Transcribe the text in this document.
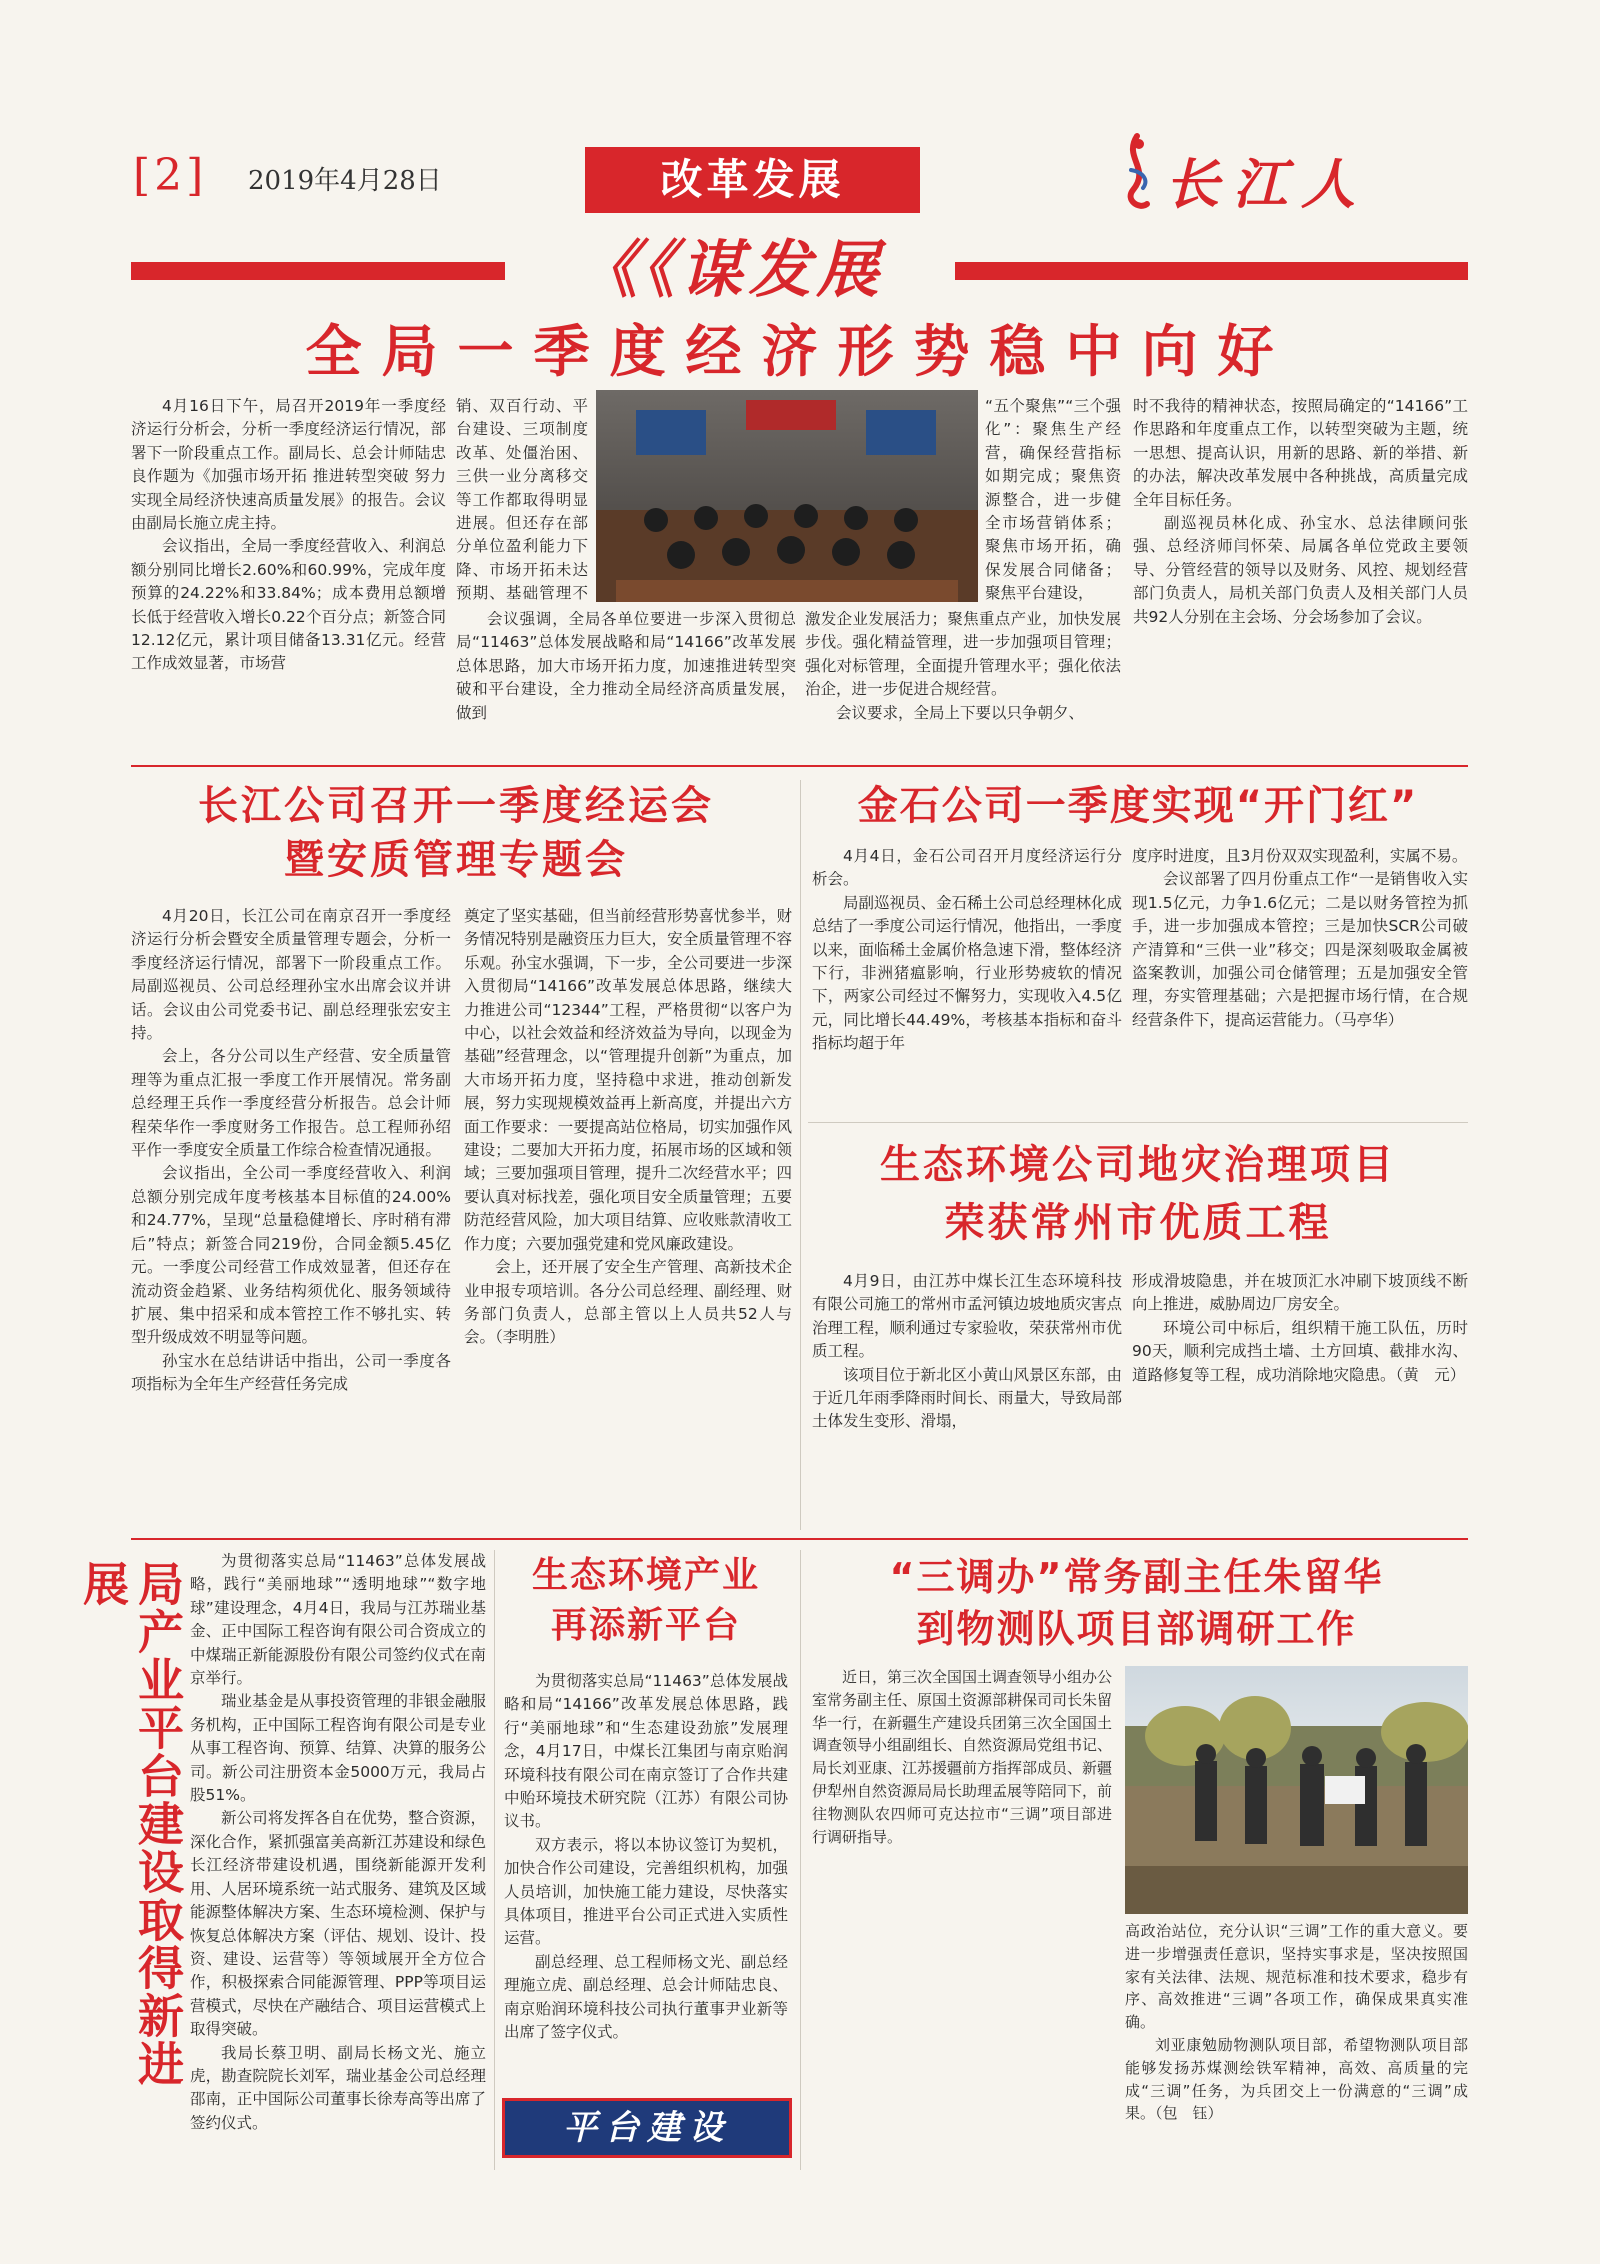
[2] 2019年4月28日	改革发展	长江人
《《谋发展
全局一季度经济形势稳中向好

4月16日下午，局召开2019年一季度经济运行分析会，分析一季度经济运行情况，部署下一阶段重点工作。副局长、总会计师陆忠良作题为《加强市场开拓 推进转型突破 努力实现全局经济快速高质量发展》的报告。会议由副局长施立虎主持。

会议指出，全局一季度经营收入、利润总额分别同比增长2.60%和60.99%，完成年度预算的24.22%和33.84%；成本费用总额增长低于经营收入增长0.22个百分点；新签合同12.12亿元，累计项目储备13.31亿元。经营工作成效显著，市场营

销、双百行动、平台建设、三项制度改革、处僵治困、三供一业分离移交等工作都取得明显进展。但还存在部分单位盈利能力下降、市场开拓未达预期、基础管理不

会议强调，全局各单位要进一步深入贯彻总局“11463”总体发展战略和局“14166”改革发展总体思路，加大市场开拓力度，加速推进转型突破和平台建设，全力推动全局经济高质量发展，做到

“五个聚焦”“三个强化”：聚焦生产经营，确保经营指标如期完成；聚焦资源整合，进一步健全市场营销体系；聚焦市场开拓，确保发展合同储备；聚焦平台建设，

激发企业发展活力；聚焦重点产业，加快发展步伐。强化精益管理，进一步加强项目管理；强化对标管理，全面提升管理水平；强化依法治企，进一步促进合规经营。

会议要求，全局上下要以只争朝夕、

时不我待的精神状态，按照局确定的“14166”工作思路和年度重点工作，以转型突破为主题，统一思想、提高认识，用新的思路、新的举措、新的办法，解决改革发展中各种挑战，高质量完成全年目标任务。

副巡视员林化成、孙宝水、总法律顾问张强、总经济师闫怀荣、局属各单位党政主要领导、分管经营的领导以及财务、风控、规划经营部门负责人，局机关部门负责人及相关部门人员共92人分别在主会场、分会场参加了会议。

长江公司召开一季度经运会
暨安质管理专题会

4月20日，长江公司在南京召开一季度经济运行分析会暨安全质量管理专题会，分析一季度经济运行情况，部署下一阶段重点工作。局副巡视员、公司总经理孙宝水出席会议并讲话。会议由公司党委书记、副总经理张宏安主持。

会上，各分公司以生产经营、安全质量管理等为重点汇报一季度工作开展情况。常务副总经理王兵作一季度经营分析报告。总会计师程荣华作一季度财务工作报告。总工程师孙绍平作一季度安全质量工作综合检查情况通报。

会议指出，全公司一季度经营收入、利润总额分别完成年度考核基本目标值的24.00%和24.77%，呈现“总量稳健增长、序时稍有滞后”特点；新签合同219份，合同金额5.45亿元。一季度公司经营工作成效显著，但还存在流动资金趋紧、业务结构须优化、服务领域待扩展、集中招采和成本管控工作不够扎实、转型升级成效不明显等问题。

孙宝水在总结讲话中指出，公司一季度各项指标为全年生产经营任务完成

奠定了坚实基础，但当前经营形势喜忧参半，财务情况特别是融资压力巨大，安全质量管理不容乐观。孙宝水强调，下一步，全公司要进一步深入贯彻局“14166”改革发展总体思路，继续大力推进公司“12344”工程，严格贯彻“以客户为中心，以社会效益和经济效益为导向，以现金为基础”经营理念，以“管理提升创新”为重点，加大市场开拓力度，坚持稳中求进，推动创新发展，努力实现规模效益再上新高度，并提出六方面工作要求：一要提高站位格局，切实加强作风建设；二要加大开拓力度，拓展市场的区域和领域；三要加强项目管理，提升二次经营水平；四要认真对标找差，强化项目安全质量管理；五要防范经营风险，加大项目结算、应收账款清收工作力度；六要加强党建和党风廉政建设。

会上，还开展了安全生产管理、高新技术企业申报专项培训。各分公司总经理、副经理、财务部门负责人，总部主管以上人员共52人与会。（李明胜）

金石公司一季度实现“开门红”

4月4日，金石公司召开月度经济运行分析会。

局副巡视员、金石稀土公司总经理林化成总结了一季度公司运行情况，他指出，一季度以来，面临稀土金属价格急速下滑，整体经济下行，非洲猪瘟影响，行业形势疲软的情况下，两家公司经过不懈努力，实现收入4.5亿元，同比增长44.49%，考核基本指标和奋斗指标均超于年

度序时进度，且3月份双双实现盈利，实属不易。

会议部署了四月份重点工作“一是销售收入实现1.5亿元，力争1.6亿元；二是以财务管控为抓手，进一步加强成本管控；三是加快SCR公司破产清算和“三供一业”移交；四是深刻吸取金属被盗案教训，加强公司仓储管理；五是加强安全管理，夯实管理基础；六是把握市场行情，在合规经营条件下，提高运营能力。（马亭华）

生态环境公司地灾治理项目
荣获常州市优质工程

4月9日，由江苏中煤长江生态环境科技有限公司施工的常州市孟河镇边坡地质灾害点治理工程，顺利通过专家验收，荣获常州市优质工程。

该项目位于新北区小黄山风景区东部，由于近几年雨季降雨时间长、雨量大，导致局部土体发生变形、滑塌，

形成滑坡隐患，并在坡顶汇水冲刷下坡顶线不断向上推进，威胁周边厂房安全。

环境公司中标后，组织精干施工队伍，历时90天，顺利完成挡土墙、土方回填、截排水沟、道路修复等工程，成功消除地灾隐患。（黄　元）

局产业平台建设取得新进展	为贯彻落实总局“11463”总体发展战略，践行“美丽地球”“透明地球”“数字地球”建设理念，4月4日，我局与江苏瑞业基金、正中国际工程咨询有限公司合资成立的中煤瑞正新能源股份有限公司签约仪式在南京举行。

瑞业基金是从事投资管理的非银金融服务机构，正中国际工程咨询有限公司是专业从事工程咨询、预算、结算、决算的服务公司。新公司注册资本金5000万元，我局占股51%。

新公司将发挥各自在优势，整合资源，深化合作，紧抓强富美高新江苏建设和绿色长江经济带建设机遇，围绕新能源开发利用、人居环境系统一站式服务、建筑及区域能源整体解决方案、生态环境检测、保护与恢复总体解决方案（评估、规划、设计、投资、建设、运营等）等领域展开全方位合作，积极探索合同能源管理、PPP等项目运营模式，尽快在产融结合、项目运营模式上取得突破。

我局长蔡卫明、副局长杨文光、施立虎，勘查院院长刘军，瑞业基金公司总经理邵南，正中国际公司董事长徐寿高等出席了签约仪式。

生态环境产业
再添新平台

为贯彻落实总局“11463”总体发展战略和局“14166”改革发展总体思路，践行“美丽地球”和“生态建设劲旅”发展理念，4月17日，中煤长江集团与南京贻润环境科技有限公司在南京签订了合作共建中贻环境技术研究院（江苏）有限公司协议书。

双方表示，将以本协议签订为契机，加快合作公司建设，完善组织机构，加强人员培训，加快施工能力建设，尽快落实具体项目，推进平台公司正式进入实质性运营。

副总经理、总工程师杨文光、副总经理施立虎、副总经理、总会计师陆忠良、南京贻润环境科技公司执行董事尹业新等出席了签字仪式。

平台建设
“三调办”常务副主任朱留华
到物测队项目部调研工作

近日，第三次全国国土调查领导小组办公室常务副主任、原国土资源部耕保司司长朱留华一行，在新疆生产建设兵团第三次全国国土调查领导小组副组长、自然资源局党组书记、局长刘亚康、江苏援疆前方指挥部成员、新疆伊犁州自然资源局局长助理孟展等陪同下，前往物测队农四师可克达拉市“三调”项目部进行调研指导。

高政治站位，充分认识“三调”工作的重大意义。要进一步增强责任意识，坚持实事求是，坚决按照国家有关法律、法规、规范标准和技术要求，稳步有序、高效推进“三调”各项工作，确保成果真实准确。

刘亚康勉励物测队项目部，希望物测队项目部能够发扬苏煤测绘铁军精神，高效、高质量的完成“三调”任务，为兵团交上一份满意的“三调”成果。（包　钰）
